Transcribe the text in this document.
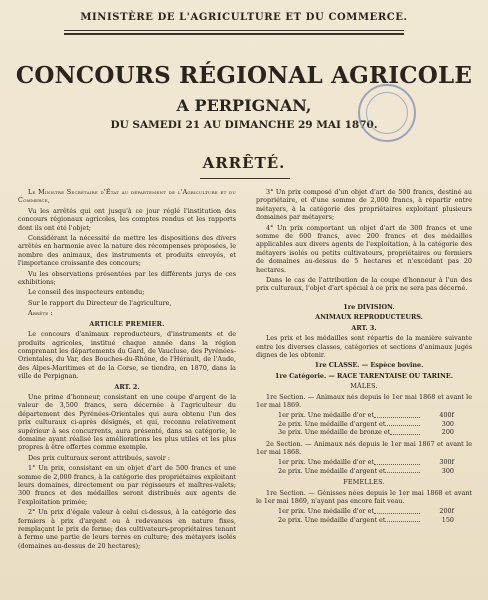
MINISTÈRE DE L'AGRICULTURE ET DU COMMERCE.
CONCOURS RÉGIONAL AGRICOLE
A PERPIGNAN,
DU SAMEDI 21 AU DIMANCHE 29 MAI 1870.
ARRÊTÉ.

Le Ministre Secrétaire d'État au département de l'Agriculture et du Commerce,

Vu les arrêtés qui ont jusqu'à ce jour réglé l'institution des concours régionaux agricoles, les comptes rendus et les rapports dont ils ont été l'objet;

Considérant la nécessité de mettre les dispositions des divers arrêtés en harmonie avec la nature des récompenses proposées, le nombre des animaux, des instruments et produits envoyés, et l'importance croissante des concours;

Vu les observations présentées par les différents jurys de ces exhibitions;

Le conseil des inspecteurs entendu;

Sur le rapport du Directeur de l'agriculture,

Arrête :

ARTICLE PREMIER.

Le concours d'animaux reproducteurs, d'instruments et de produits agricoles, institué chaque année dans la région comprenant les départements du Gard, de Vaucluse, des Pyrénées-Orientales, du Var, des Bouches-du-Rhône, de l'Hérault, de l'Aude, des Alpes-Maritimes et de la Corse, se tiendra, en 1870, dans la ville de Perpignan.

ART. 2.

Une prime d'honneur, consistant en une coupe d'argent de la valeur de 3,500 francs, sera décernée à l'agriculteur du département des Pyrénées-Orientales qui aura obtenu l'un des prix culturaux ci-après désignés, et qui, reconnu relativement supérieur à ses concurrents, aura présenté, dans sa catégorie, le domaine ayant réalisé les améliorations les plus utiles et les plus propres à être offertes comme exemple.

Des prix culturaux seront attribués, savoir :

1° Un prix, consistant en un objet d'art de 500 francs et une somme de 2,000 francs, à la catégorie des propriétaires exploitant leurs domaines, directement ou par régisseurs et maîtres-valets; 300 francs et des médailles seront distribués aux agents de l'exploitation primée;

2° Un prix d'égale valeur à celui ci-dessus, à la catégorie des fermiers à prix d'argent ou à redevances en nature fixes, remplaçant le prix de ferme; des cultivateurs-propriétaires tenant à ferme une partie de leurs terres en culture; des métayers isolés (domaines au-dessus de 20 hectares);

3° Un prix composé d'un objet d'art de 500 francs, destiné au propriétaire, et d'une somme de 2,000 francs, à répartir entre métayers, à la catégorie des propriétaires exploitant plusieurs domaines par métayers;

4° Un prix comportant un objet d'art de 300 francs et une somme de 600 francs, avec 200 francs et des médailles applicables aux divers agents de l'exploitation, à la catégorie des métayers isolés ou petits cultivateurs, propriétaires ou fermiers de domaines au-dessus de 5 hectares et n'excédant pas 20 hectares.

Dans le cas de l'attribution de la coupe d'honneur à l'un des prix culturaux, l'objet d'art spécial à ce prix ne sera pas décerné.

1re DIVISION.

ANIMAUX REPRODUCTEURS.

ART. 3.

Les prix et les médailles sont répartis de la manière suivante entre les diverses classes, catégories et sections d'animaux jugés dignes de les obtenir.

1re CLASSE. — Espèce bovine.

1re Catégorie. — RACE TARENTAISE OU TARINE.

MÂLES.

1re Section. — Animaux nés depuis le 1er mai 1868 et avant le 1er mai 1869.

1er prix. Une médaille d'or et	400f
2e prix. Une médaille d'argent et	300
3e prix. Une médaille de bronze et	200

2e Section. — Animaux nés depuis le 1er mai 1867 et avant le 1er mai 1868.

1er prix. Une médaille d'or et	300f
2e prix. Une médaille d'argent et	300

FEMELLES.

1re Section. — Génisses nées depuis le 1er mai 1868 et avant le 1er mai 1869, n'ayant pas encore fait veau.

1er prix. Une médaille d'or et	200f
2e prix. Une médaille d'argent et	150
